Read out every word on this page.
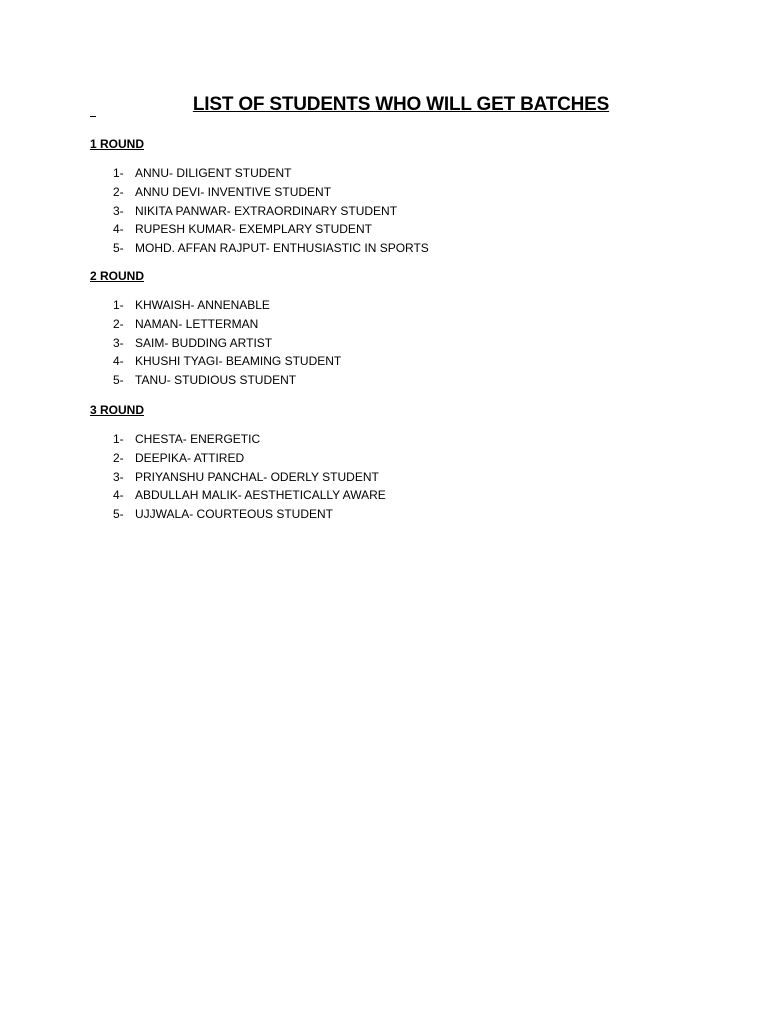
LIST OF STUDENTS WHO WILL GET BATCHES
1 ROUND
1- ANNU- DILIGENT STUDENT
2- ANNU DEVI- INVENTIVE STUDENT
3- NIKITA PANWAR- EXTRAORDINARY STUDENT
4- RUPESH KUMAR- EXEMPLARY STUDENT
5- MOHD. AFFAN RAJPUT- ENTHUSIASTIC IN SPORTS
2 ROUND
1- KHWAISH- ANNENABLE
2- NAMAN- LETTERMAN
3- SAIM- BUDDING ARTIST
4- KHUSHI TYAGI- BEAMING STUDENT
5- TANU- STUDIOUS STUDENT
3 ROUND
1- CHESTA- ENERGETIC
2- DEEPIKA- ATTIRED
3- PRIYANSHU PANCHAL- ODERLY STUDENT
4- ABDULLAH MALIK- AESTHETICALLY AWARE
5- UJJWALA- COURTEOUS STUDENT
